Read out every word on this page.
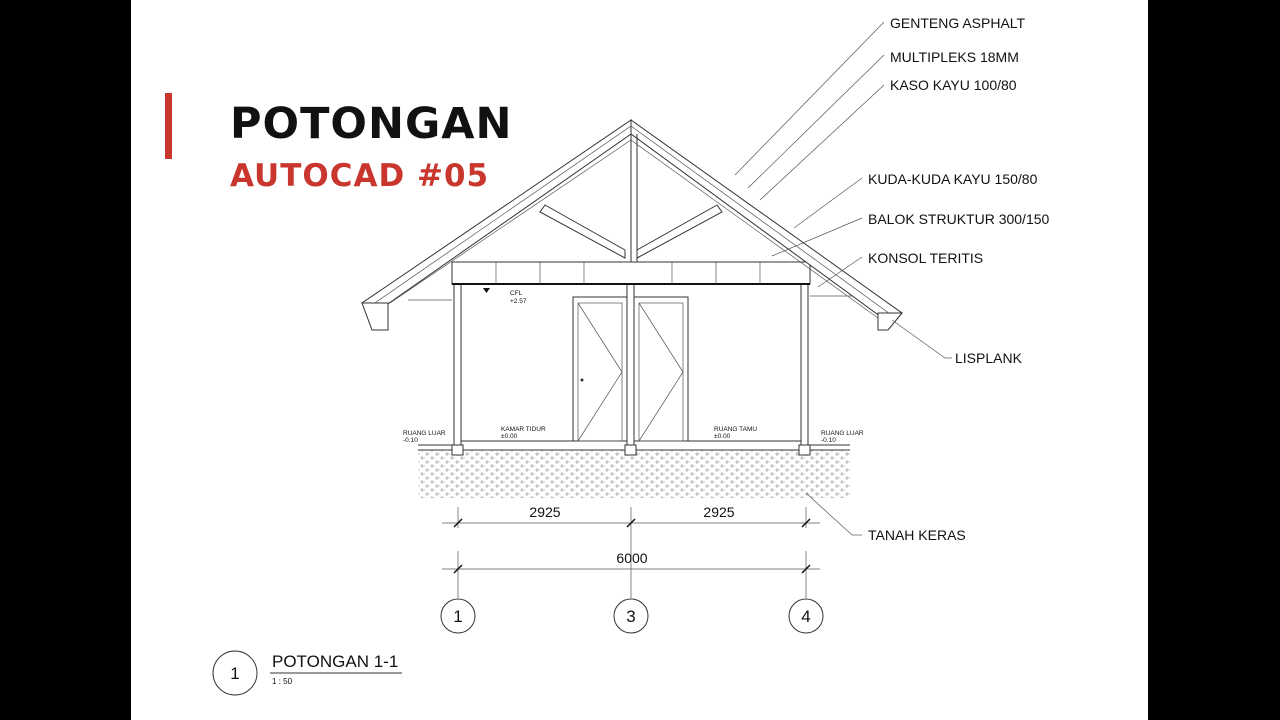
POTONGAN
AUTOCAD #05
GENTENG ASPHALT
MULTIPLEKS 18MM
KASO KAYU 100/80
KUDA-KUDA KAYU 150/80
BALOK STRUKTUR 300/150
KONSOL TERITIS
LISPLANK
TANAH KERAS
CFL
+2.57
RUANG LUAR
-0.10
KAMAR TIDUR
±0.00
RUANG TAMU
±0.00	RUANG LUAR
-0.10
2925	2925
6000
1	3	4
1
POTONGAN 1-1
1 : 50
